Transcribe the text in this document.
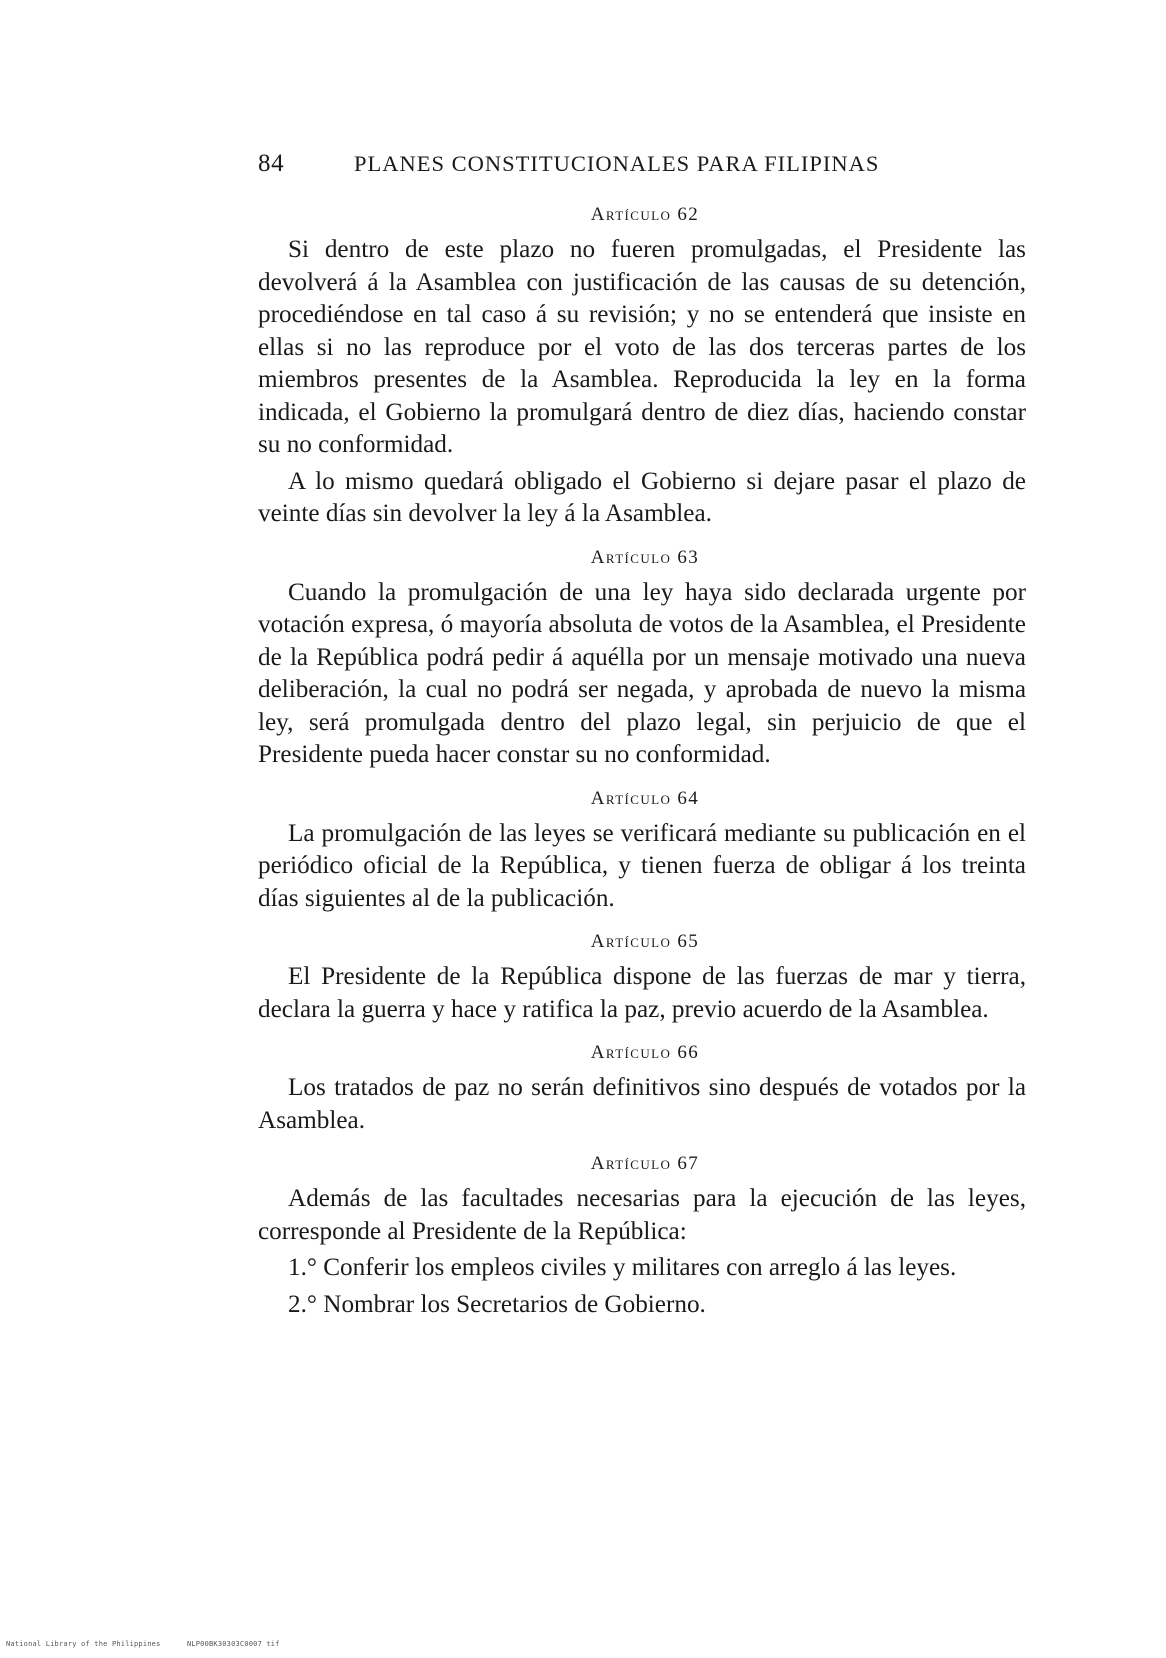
84	PLANES CONSTITUCIONALES PARA FILIPINAS
Artículo 62

Si dentro de este plazo no fueren promulgadas, el Presidente las devolverá á la Asamblea con justificación de las causas de su detención, procediéndose en tal caso á su revisión; y no se entenderá que insiste en ellas si no las reproduce por el voto de las dos terceras partes de los miembros presentes de la Asamblea. Reproducida la ley en la forma indicada, el Gobierno la promulgará dentro de diez días, haciendo constar su no conformidad.

A lo mismo quedará obligado el Gobierno si dejare pasar el plazo de veinte días sin devolver la ley á la Asamblea.

Artículo 63

Cuando la promulgación de una ley haya sido declarada urgente por votación expresa, ó mayoría absoluta de votos de la Asamblea, el Presidente de la República podrá pedir á aquélla por un mensaje motivado una nueva deliberación, la cual no podrá ser negada, y aprobada de nuevo la misma ley, será promulgada dentro del plazo legal, sin perjuicio de que el Presidente pueda hacer constar su no conformidad.

Artículo 64

La promulgación de las leyes se verificará mediante su publicación en el periódico oficial de la República, y tienen fuerza de obligar á los treinta días siguientes al de la publicación.

Artículo 65

El Presidente de la República dispone de las fuerzas de mar y tierra, declara la guerra y hace y ratifica la paz, previo acuerdo de la Asamblea.

Artículo 66

Los tratados de paz no serán definitivos sino después de votados por la Asamblea.

Artículo 67

Además de las facultades necesarias para la ejecución de las leyes, corresponde al Presidente de la República:

1.° Conferir los empleos civiles y militares con arreglo á las leyes.

2.° Nombrar los Secretarios de Gobierno.

National Library of the Philippines	NLP00BK30303C0007 tif
